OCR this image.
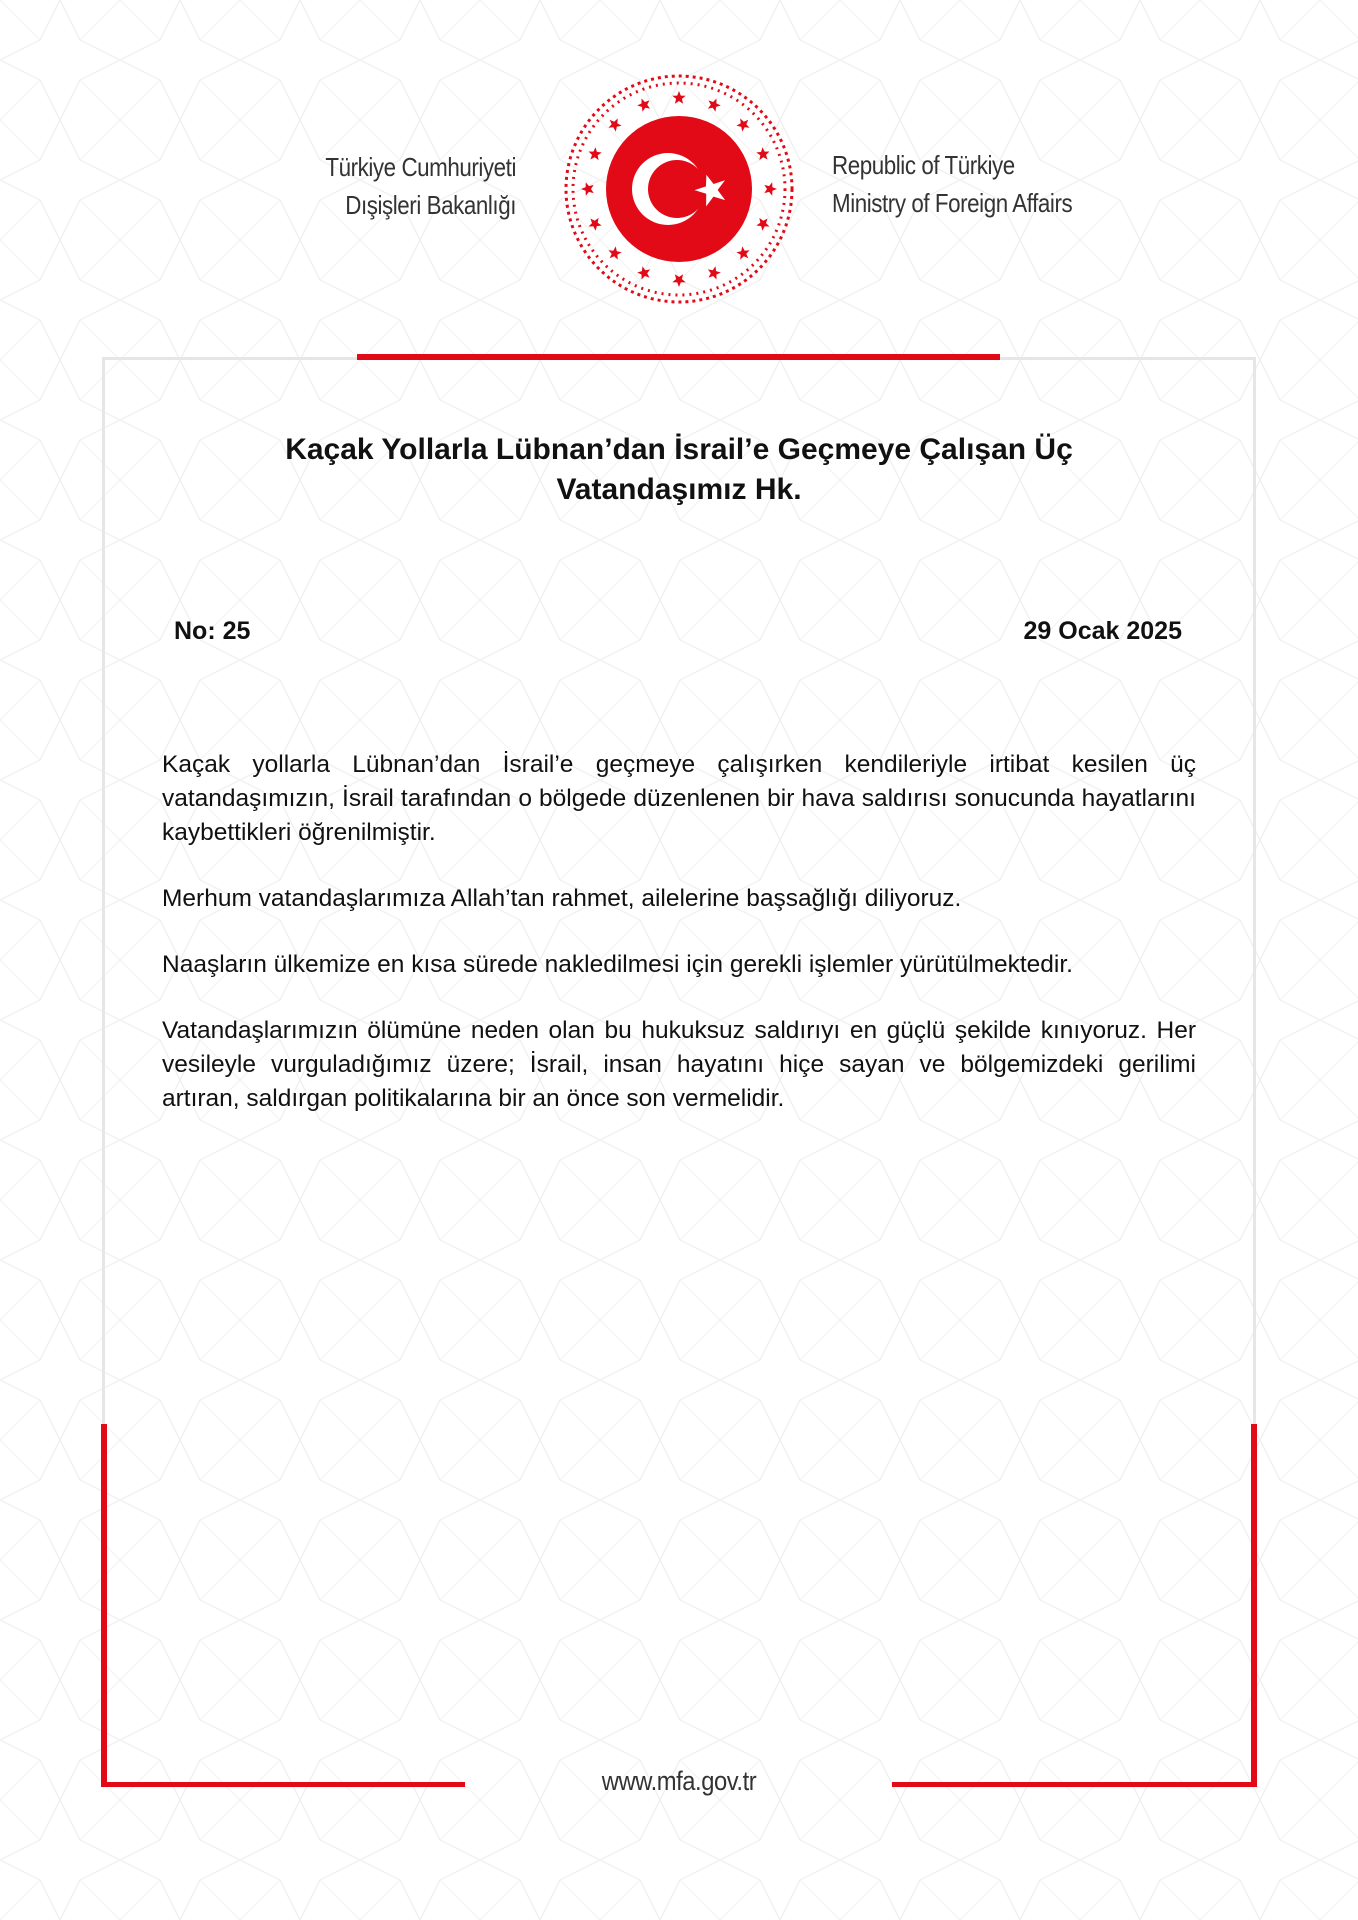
Türkiye Cumhuriyeti
Dışişleri Bakanlığı
Republic of Türkiye
Ministry of Foreign Affairs
Kaçak Yollarla Lübnan’dan İsrail’e Geçmeye Çalışan Üç
Vatandaşımız Hk.
No: 25	29 Ocak 2025

Kaçak yollarla Lübnan’dan İsrail’e geçmeye çalışırken kendileriyle irtibat kesilen üç vatandaşımızın, İsrail tarafından o bölgede düzenlenen bir hava saldırısı sonucunda hayatlarını kaybettikleri öğrenilmiştir.

Merhum vatandaşlarımıza Allah’tan rahmet, ailelerine başsağlığı diliyoruz.

Naaşların ülkemize en kısa sürede nakledilmesi için gerekli işlemler yürütülmektedir.

Vatandaşlarımızın ölümüne neden olan bu hukuksuz saldırıyı en güçlü şekilde kınıyoruz. Her vesileyle vurguladığımız üzere; İsrail, insan hayatını hiçe sayan ve bölgemizdeki gerilimi artıran, saldırgan politikalarına bir an önce son vermelidir.

www.mfa.gov.tr
